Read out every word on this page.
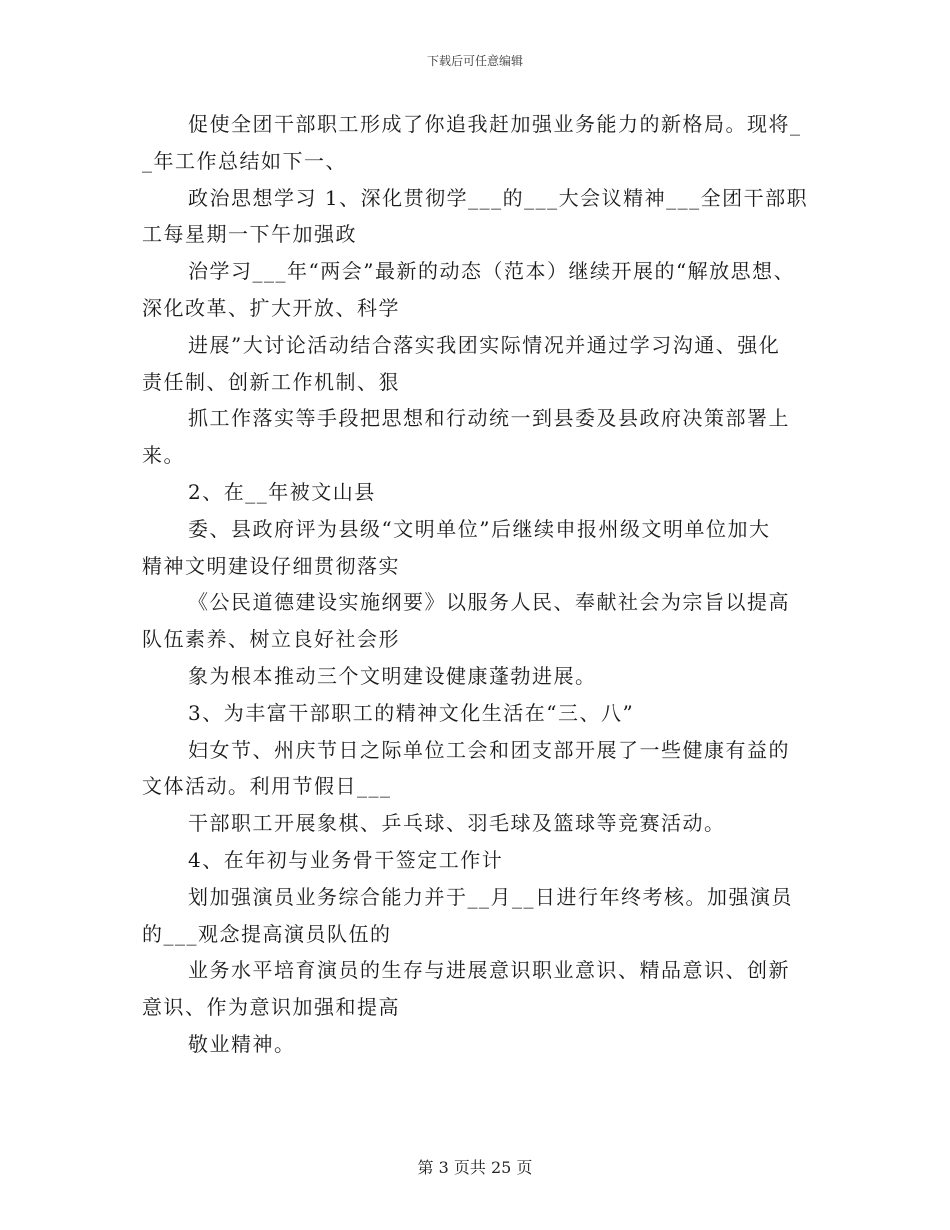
下载后可任意编辑
促使全团干部职工形成了你追我赶加强业务能力的新格局。现将_
_年工作总结如下一、
政治思想学习 1、深化贯彻学___的___大会议精神___全团干部职
工每星期一下午加强政
治学习___年“两会”最新的动态（范本）继续开展的“解放思想、
深化改革、扩大开放、科学
进展”大讨论活动结合落实我团实际情况并通过学习沟通、强化
责任制、创新工作机制、狠
抓工作落实等手段把思想和行动统一到县委及县政府决策部署上
来。
2、在__年被文山县
委、县政府评为县级“文明单位”后继续申报州级文明单位加大
精神文明建设仔细贯彻落实
《公民道德建设实施纲要》以服务人民、奉献社会为宗旨以提高
队伍素养、树立良好社会形
象为根本推动三个文明建设健康蓬勃进展。
3、为丰富干部职工的精神文化生活在“三、八”
妇女节、州庆节日之际单位工会和团支部开展了一些健康有益的
文体活动。利用节假日___
干部职工开展象棋、乒乓球、羽毛球及篮球等竞赛活动。
4、在年初与业务骨干签定工作计
划加强演员业务综合能力并于__月__日进行年终考核。加强演员
的___观念提高演员队伍的
业务水平培育演员的生存与进展意识职业意识、精品意识、创新
意识、作为意识加强和提高
敬业精神。
第 3 页共 25 页
